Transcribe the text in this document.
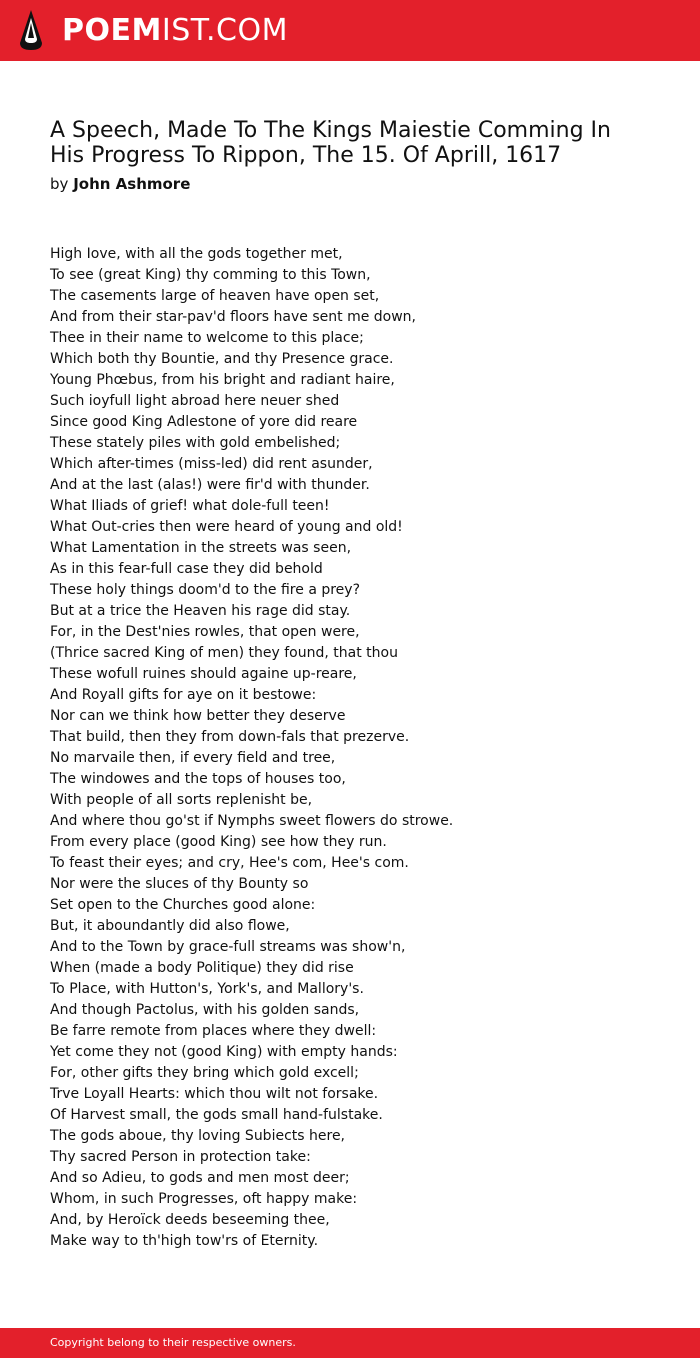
POEMIST.COM
A Speech, Made To The Kings Maiestie Comming In His Progress To Rippon, The 15. Of Aprill, 1617
by John Ashmore
High Iove, with all the gods together met,
To see (great King) thy comming to this Town,
The casements large of heaven have open set,
And from their star-pav'd floors have sent me down,
Thee in their name to welcome to this place;
Which both thy Bountie, and thy Presence grace.
Young Phœbus, from his bright and radiant haire,
Such ioyfull light abroad here neuer shed
Since good King Adlestone of yore did reare
These stately piles with gold embelished;
Which after-times (miss-led) did rent asunder,
And at the last (alas!) were fir'd with thunder.
What Iliads of grief! what dole-full teen!
What Out-cries then were heard of young and old!
What Lamentation in the streets was seen,
As in this fear-full case they did behold
These holy things doom'd to the fire a prey?
But at a trice the Heaven his rage did stay.
For, in the Dest'nies rowles, that open were,
(Thrice sacred King of men) they found, that thou
These wofull ruines should againe up-reare,
And Royall gifts for aye on it bestowe:
Nor can we think how better they deserve
That build, then they from down-fals that prezerve.
No marvaile then, if every field and tree,
The windowes and the tops of houses too,
With people of all sorts replenisht be,
And where thou go'st if Nymphs sweet flowers do strowe.
From every place (good King) see how they run.
To feast their eyes; and cry, Hee's com, Hee's com.
Nor were the sluces of thy Bounty so
Set open to the Churches good alone:
But, it aboundantly did also flowe,
And to the Town by grace-full streams was show'n,
When (made a body Politique) they did rise
To Place, with Hutton's, York's, and Mallory's.
And though Pactolus, with his golden sands,
Be farre remote from places where they dwell:
Yet come they not (good King) with empty hands:
For, other gifts they bring which gold excell;
Trve Loyall Hearts: which thou wilt not forsake.
Of Harvest small, the gods small hand-fulstake.
The gods aboue, thy loving Subiects here,
Thy sacred Person in protection take:
And so Adieu, to gods and men most deer;
Whom, in such Progresses, oft happy make:
And, by Heroïck deeds beseeming thee,
Make way to th'high tow'rs of Eternity.
Copyright belong to their respective owners.
